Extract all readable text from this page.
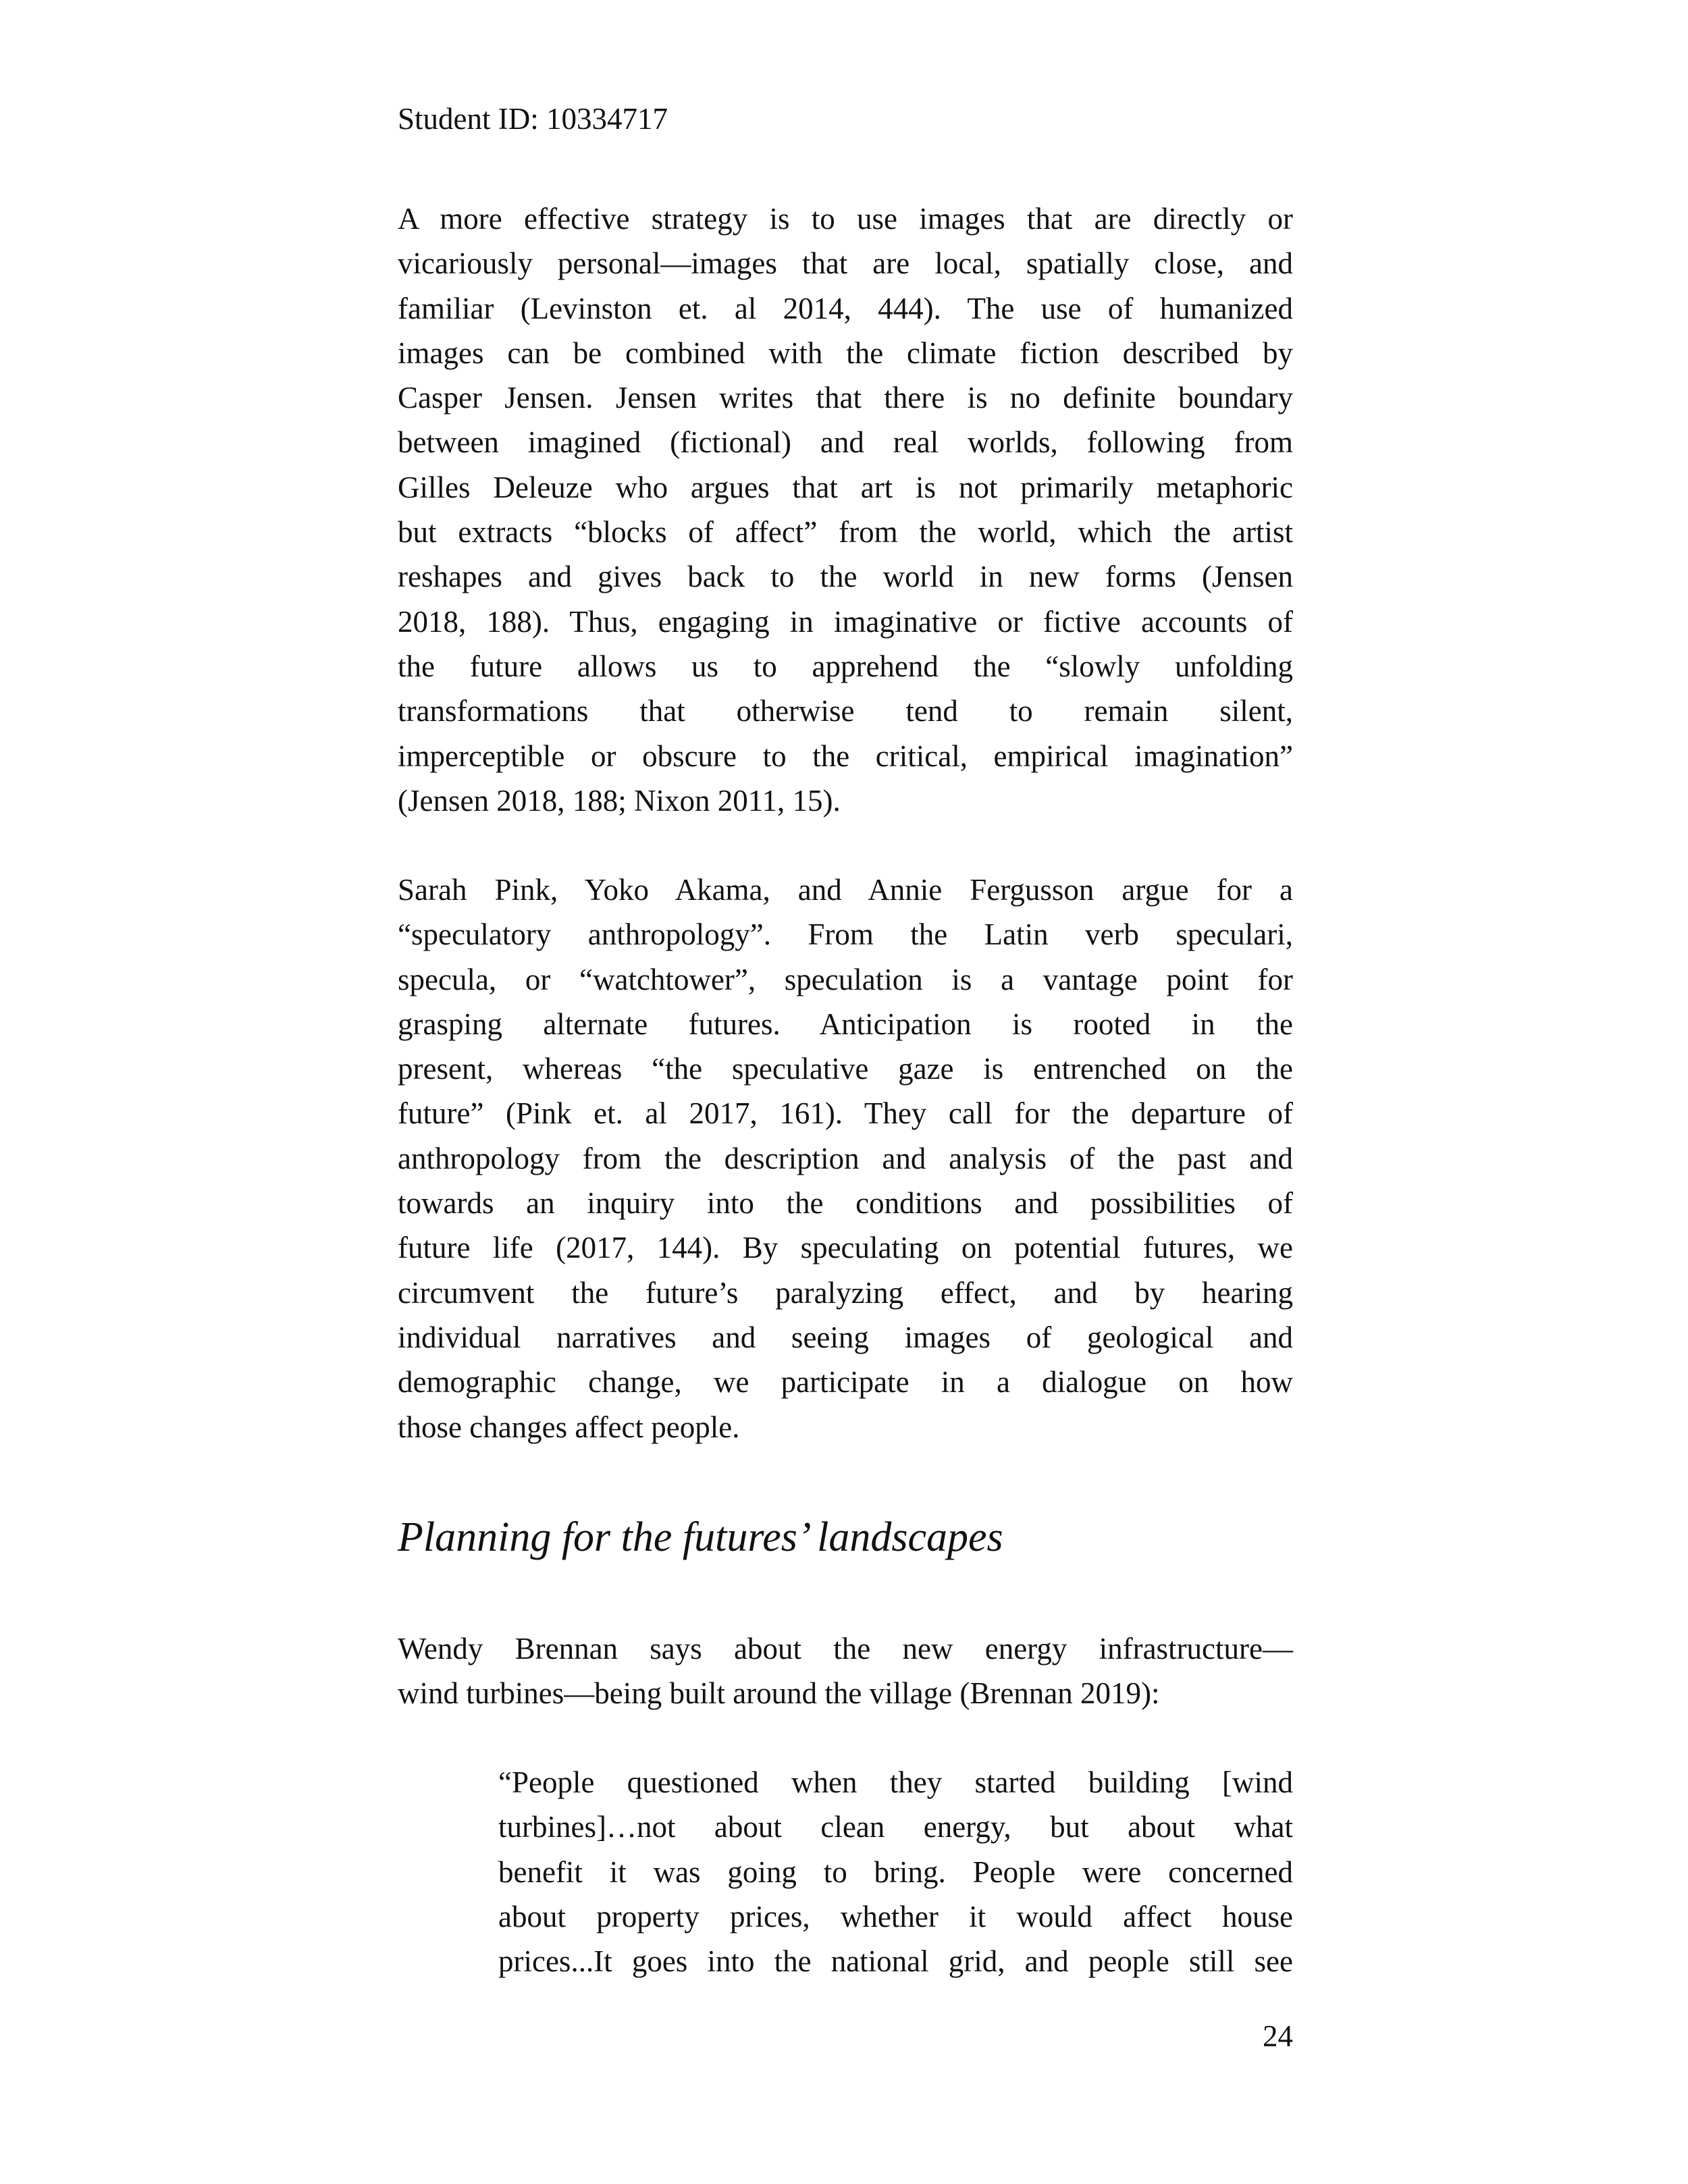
Student ID: 10334717
A more effective strategy is to use images that are directly or
vicariously personal—images that are local, spatially close, and
familiar (Levinston et. al 2014, 444). The use of humanized
images can be combined with the climate fiction described by
Casper Jensen. Jensen writes that there is no definite boundary
between imagined (fictional) and real worlds, following from
Gilles Deleuze who argues that art is not primarily metaphoric
but extracts “blocks of affect” from the world, which the artist
reshapes and gives back to the world in new forms (Jensen
2018, 188). Thus, engaging in imaginative or fictive accounts of
the future allows us to apprehend the “slowly unfolding
transformations that otherwise tend to remain silent,
imperceptible or obscure to the critical, empirical imagination”
(Jensen 2018, 188; Nixon 2011, 15).
Sarah Pink, Yoko Akama, and Annie Fergusson argue for a
“speculatory anthropology”. From the Latin verb speculari,
specula, or “watchtower”, speculation is a vantage point for
grasping alternate futures. Anticipation is rooted in the
present, whereas “the speculative gaze is entrenched on the
future” (Pink et. al 2017, 161). They call for the departure of
anthropology from the description and analysis of the past and
towards an inquiry into the conditions and possibilities of
future life (2017, 144). By speculating on potential futures, we
circumvent the future’s paralyzing effect, and by hearing
individual narratives and seeing images of geological and
demographic change, we participate in a dialogue on how
those changes affect people.
Planning for the futures’ landscapes
Wendy Brennan says about the new energy infrastructure—
wind turbines—being built around the village (Brennan 2019):
“People questioned when they started building [wind
turbines]…not about clean energy, but about what
benefit it was going to bring. People were concerned
about property prices, whether it would affect house
prices...It goes into the national grid, and people still see
24
